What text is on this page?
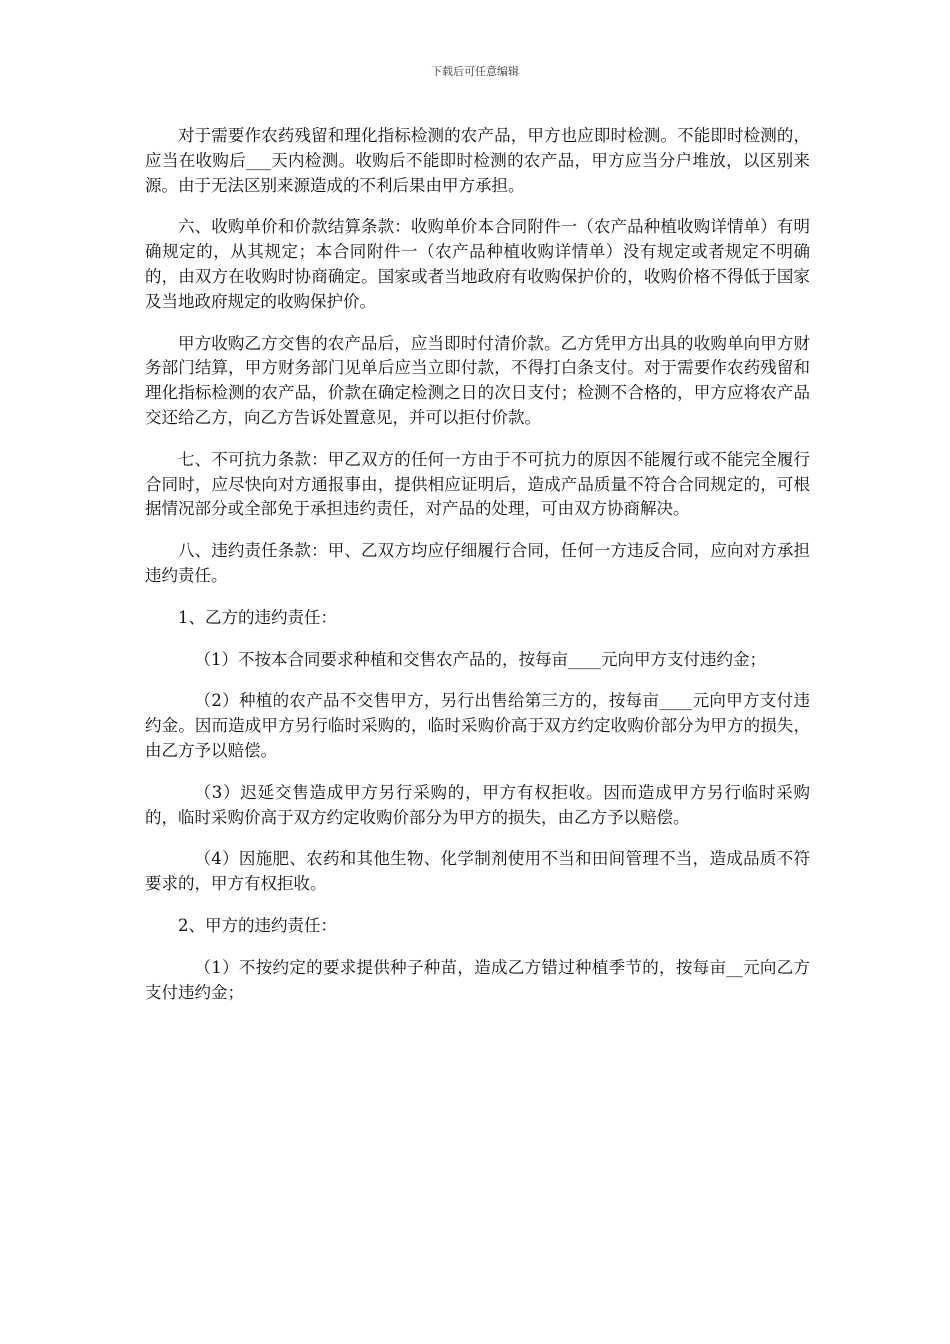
下载后可任意编辑

对于需要作农药残留和理化指标检测的农产品，甲方也应即时检测。不能即时检测的，应当在收购后___天内检测。收购后不能即时检测的农产品，甲方应当分户堆放，以区别来源。由于无法区别来源造成的不利后果由甲方承担。

六、收购单价和价款结算条款：收购单价本合同附件一（农产品种植收购详情单）有明确规定的，从其规定；本合同附件一（农产品种植收购详情单）没有规定或者规定不明确的，由双方在收购时协商确定。国家或者当地政府有收购保护价的，收购价格不得低于国家及当地政府规定的收购保护价。

甲方收购乙方交售的农产品后，应当即时付清价款。乙方凭甲方出具的收购单向甲方财务部门结算，甲方财务部门见单后应当立即付款，不得打白条支付。对于需要作农药残留和理化指标检测的农产品，价款在确定检测之日的次日支付；检测不合格的，甲方应将农产品交还给乙方，向乙方告诉处置意见，并可以拒付价款。

七、不可抗力条款：甲乙双方的任何一方由于不可抗力的原因不能履行或不能完全履行合同时，应尽快向对方通报事由，提供相应证明后，造成产品质量不符合合同规定的，可根据情况部分或全部免于承担违约责任，对产品的处理，可由双方协商解决。

八、违约责任条款：甲、乙双方均应仔细履行合同，任何一方违反合同，应向对方承担违约责任。

1、乙方的违约责任：

（1）不按本合同要求种植和交售农产品的，按每亩____元向甲方支付违约金；

（2）种植的农产品不交售甲方，另行出售给第三方的，按每亩____元向甲方支付违约金。因而造成甲方另行临时采购的，临时采购价高于双方约定收购价部分为甲方的损失，由乙方予以赔偿。

（3）迟延交售造成甲方另行采购的，甲方有权拒收。因而造成甲方另行临时采购的，临时采购价高于双方约定收购价部分为甲方的损失，由乙方予以赔偿。

（4）因施肥、农药和其他生物、化学制剂使用不当和田间管理不当，造成品质不符要求的，甲方有权拒收。

2、甲方的违约责任：

（1）不按约定的要求提供种子种苗，造成乙方错过种植季节的，按每亩__元向乙方支付违约金；
